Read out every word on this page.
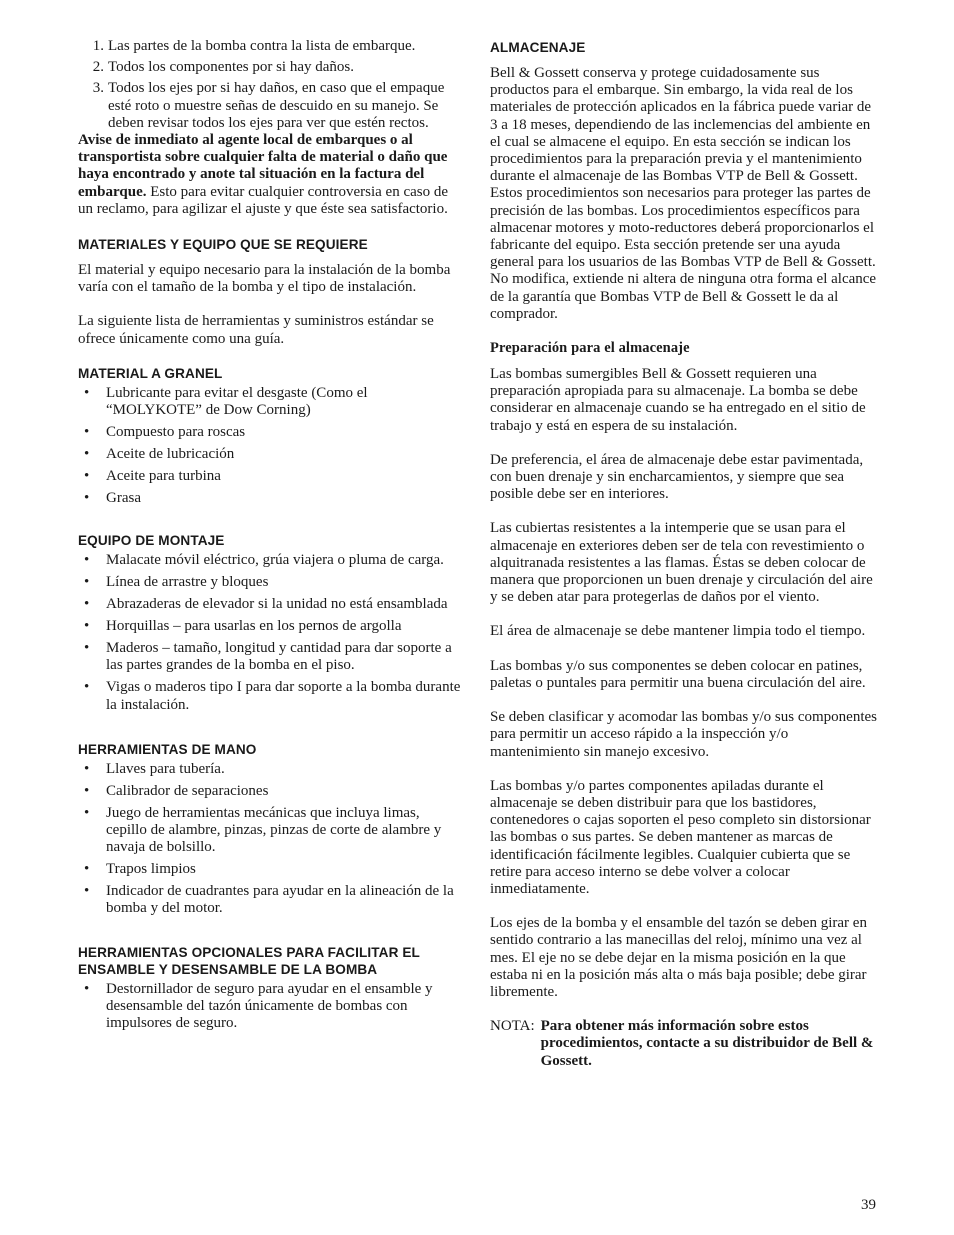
1. Las partes de la bomba contra la lista de embarque.
2. Todos los componentes por si hay daños.
3. Todos los ejes por si hay daños, en caso que el empaque esté roto o muestre señas de descuido en su manejo. Se deben revisar todos los ejes para ver que estén rectos.

Avise de inmediato al agente local de embarques o al transportista sobre cualquier falta de material o daño que haya encontrado y anote tal situación en la factura del embarque. Esto para evitar cualquier controversia en caso de un reclamo, para agilizar el ajuste y que éste sea satisfactorio.

MATERIALES Y EQUIPO QUE SE REQUIERE

El material y equipo necesario para la instalación de la bomba varía con el tamaño de la bomba y el tipo de instalación.

La siguiente lista de herramientas y suministros estándar se ofrece únicamente como una guía.

MATERIAL A GRANEL

•	Lubricante para evitar el desgaste (Como el “MOLYKOTE” de Dow Corning)
•	Compuesto para roscas
•	Aceite de lubricación
•	Aceite para turbina
•	Grasa

EQUIPO DE MONTAJE

•	Malacate móvil eléctrico, grúa viajera o pluma de carga.
•	Línea de arrastre y bloques
•	Abrazaderas de elevador si la unidad no está ensamblada
•	Horquillas – para usarlas en los pernos de argolla
•	Maderos – tamaño, longitud y cantidad para dar soporte a las partes grandes de la bomba en el piso.
•	Vigas o maderos tipo I para dar soporte a la bomba durante la instalación.

HERRAMIENTAS DE MANO

•	Llaves para tubería.
•	Calibrador de separaciones
•	Juego de herramientas mecánicas que incluya limas, cepillo de alambre, pinzas, pinzas de corte de alambre y navaja de bolsillo.
•	Trapos limpios
•	Indicador de cuadrantes para ayudar en la alineación de la bomba y del motor.

HERRAMIENTAS OPCIONALES PARA FACILITAR EL ENSAMBLE Y DESENSAMBLE DE LA BOMBA

•	Destornillador de seguro para ayudar en el ensamble y desensamble del tazón únicamente de bombas con impulsores de seguro.

ALMACENAJE

Bell & Gossett conserva y protege cuidadosamente sus productos para el embarque. Sin embargo, la vida real de los materiales de protección aplicados en la fábrica puede variar de 3 a 18 meses, dependiendo de las inclemencias del ambiente en el cual se almacene el equipo. En esta sección se indican los procedimientos para la preparación previa y el mantenimiento durante el almacenaje de las Bombas VTP de Bell & Gossett. Estos procedimientos son necesarios para proteger las partes de precisión de las bombas. Los procedimientos específicos para almacenar motores y moto-reductores deberá proporcionarlos el fabricante del equipo. Esta sección pretende ser una ayuda general para los usuarios de las Bombas VTP de Bell & Gossett. No modifica, extiende ni altera de ninguna otra forma el alcance de la garantía que Bombas VTP de Bell & Gossett le da al comprador.

Preparación para el almacenaje

Las bombas sumergibles Bell & Gossett requieren una preparación apropiada para su almacenaje. La bomba se debe considerar en almacenaje cuando se ha entregado en el sitio de trabajo y está en espera de su instalación.

De preferencia, el área de almacenaje debe estar pavimentada, con buen drenaje y sin encharcamientos, y siempre que sea posible debe ser en interiores.

Las cubiertas resistentes a la intemperie que se usan para el almacenaje en exteriores deben ser de tela con revestimiento o alquitranada resistentes a las flamas. Éstas se deben colocar de manera que proporcionen un buen drenaje y circulación del aire y se deben atar para protegerlas de daños por el viento.

El área de almacenaje se debe mantener limpia todo el tiempo.

Las bombas y/o sus componentes se deben colocar en patines, paletas o puntales para permitir una buena circulación del aire.

Se deben clasificar y acomodar las bombas y/o sus componentes para permitir un acceso rápido a la inspección y/o mantenimiento sin manejo excesivo.

Las bombas y/o partes componentes apiladas durante el almacenaje se deben distribuir para que los bastidores, contenedores o cajas soporten el peso completo sin distorsionar las bombas o sus partes. Se deben mantener as marcas de identificación fácilmente legibles. Cualquier cubierta que se retire para acceso interno se debe volver a colocar inmediatamente.

Los ejes de la bomba y el ensamble del tazón se deben girar en sentido contrario a las manecillas del reloj, mínimo una vez al mes. El eje no se debe dejar en la misma posición en la que estaba ni en la posición más alta o más baja posible; debe girar libremente.

NOTA: Para obtener más información sobre estos procedimientos, contacte a su distribuidor de Bell & Gossett.
39
